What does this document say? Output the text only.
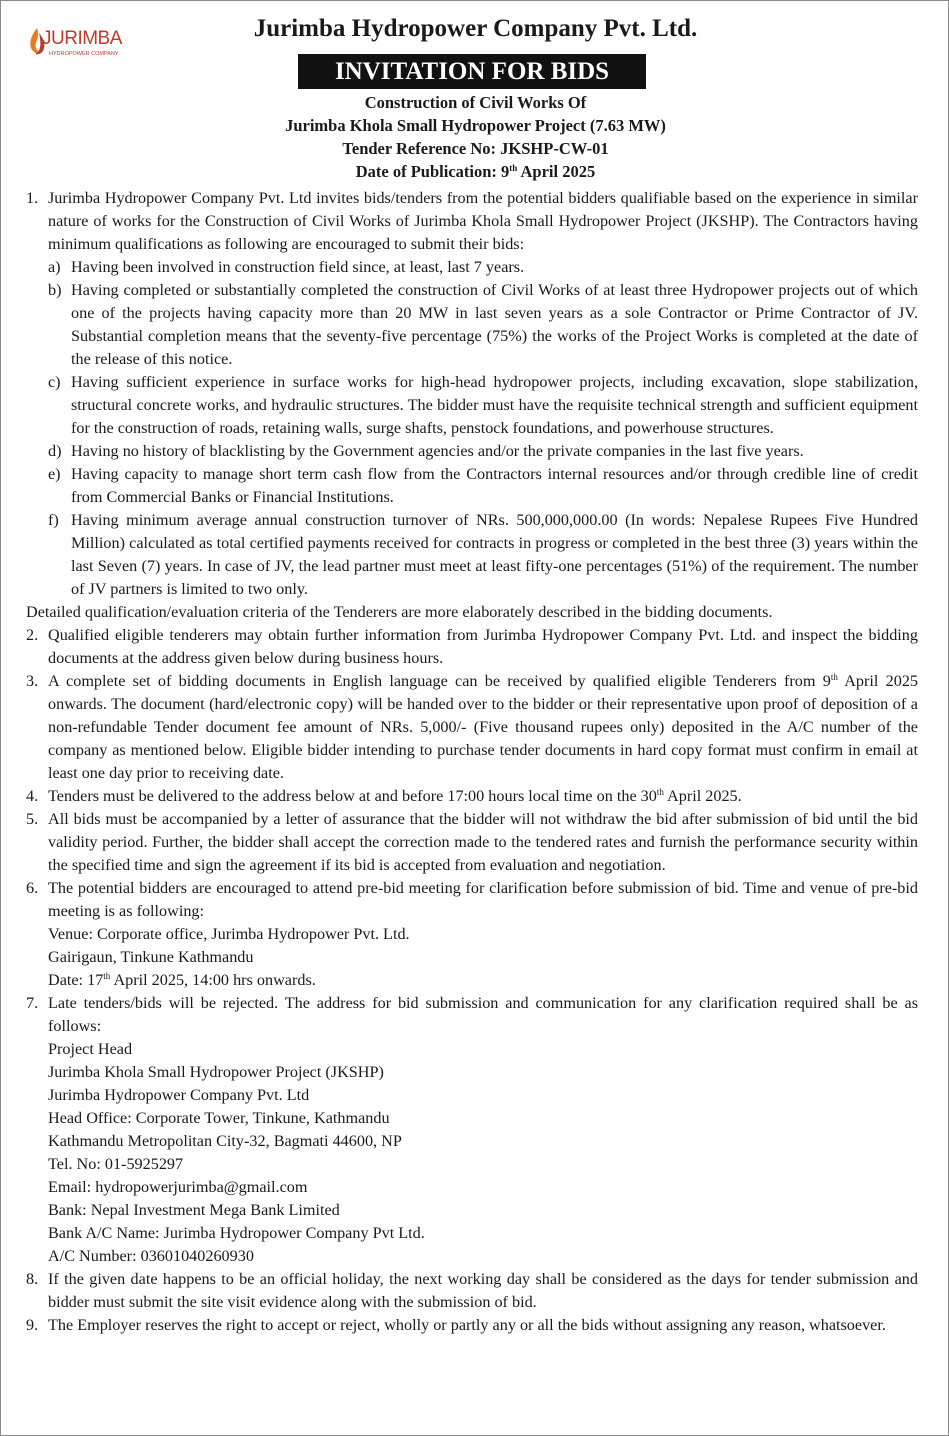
JURIMBA
HYDROPOWER COMPANY
Jurimba Hydropower Company Pvt. Ltd.
INVITATION FOR BIDS
Construction of Civil Works Of
Jurimba Khola Small Hydropower Project (7.63 MW)
Tender Reference No: JKSHP-CW-01
Date of Publication: 9th April 2025
1. Jurimba Hydropower Company Pvt. Ltd invites bids/tenders from the potential bidders qualifiable based on the experience in similar nature of works for the Construction of Civil Works of Jurimba Khola Small Hydropower Project (JKSHP). The Contractors having minimum qualifications as following are encouraged to submit their bids:
a) Having been involved in construction field since, at least, last 7 years.
b) Having completed or substantially completed the construction of Civil Works of at least three Hydropower projects out of which one of the projects having capacity more than 20 MW in last seven years as a sole Contractor or Prime Contractor of JV. Substantial completion means that the seventy-five percentage (75%) the works of the Project Works is completed at the date of the release of this notice.
c) Having sufficient experience in surface works for high-head hydropower projects, including excavation, slope stabilization, structural concrete works, and hydraulic structures. The bidder must have the requisite technical strength and sufficient equipment for the construction of roads, retaining walls, surge shafts, penstock foundations, and powerhouse structures.
d) Having no history of blacklisting by the Government agencies and/or the private companies in the last five years.
e) Having capacity to manage short term cash flow from the Contractors internal resources and/or through credible line of credit from Commercial Banks or Financial Institutions.
f) Having minimum average annual construction turnover of NRs. 500,000,000.00 (In words: Nepalese Rupees Five Hundred Million) calculated as total certified payments received for contracts in progress or completed in the best three (3) years within the last Seven (7) years. In case of JV, the lead partner must meet at least fifty-one percentages (51%) of the requirement. The number of JV partners is limited to two only.
Detailed qualification/evaluation criteria of the Tenderers are more elaborately described in the bidding documents.
2. Qualified eligible tenderers may obtain further information from Jurimba Hydropower Company Pvt. Ltd. and inspect the bidding documents at the address given below during business hours.
3. A complete set of bidding documents in English language can be received by qualified eligible Tenderers from 9th April 2025 onwards. The document (hard/electronic copy) will be handed over to the bidder or their representative upon proof of deposition of a non-refundable Tender document fee amount of NRs. 5,000/- (Five thousand rupees only) deposited in the A/C number of the company as mentioned below. Eligible bidder intending to purchase tender documents in hard copy format must confirm in email at least one day prior to receiving date.
4. Tenders must be delivered to the address below at and before 17:00 hours local time on the 30th April 2025.
5. All bids must be accompanied by a letter of assurance that the bidder will not withdraw the bid after submission of bid until the bid validity period. Further, the bidder shall accept the correction made to the tendered rates and furnish the performance security within the specified time and sign the agreement if its bid is accepted from evaluation and negotiation.
6. The potential bidders are encouraged to attend pre-bid meeting for clarification before submission of bid. Time and venue of pre-bid meeting is as following:
Venue: Corporate office, Jurimba Hydropower Pvt. Ltd.
Gairigaun, Tinkune Kathmandu
Date: 17th April 2025, 14:00 hrs onwards.
7. Late tenders/bids will be rejected. The address for bid submission and communication for any clarification required shall be as follows:
Project Head
Jurimba Khola Small Hydropower Project (JKSHP)
Jurimba Hydropower Company Pvt. Ltd
Head Office: Corporate Tower, Tinkune, Kathmandu
Kathmandu Metropolitan City-32, Bagmati 44600, NP
Tel. No: 01-5925297
Email: hydropowerjurimba@gmail.com
Bank: Nepal Investment Mega Bank Limited
Bank A/C Name: Jurimba Hydropower Company Pvt Ltd.
A/C Number: 03601040260930
8. If the given date happens to be an official holiday, the next working day shall be considered as the days for tender submission and bidder must submit the site visit evidence along with the submission of bid.
9. The Employer reserves the right to accept or reject, wholly or partly any or all the bids without assigning any reason, whatsoever.
